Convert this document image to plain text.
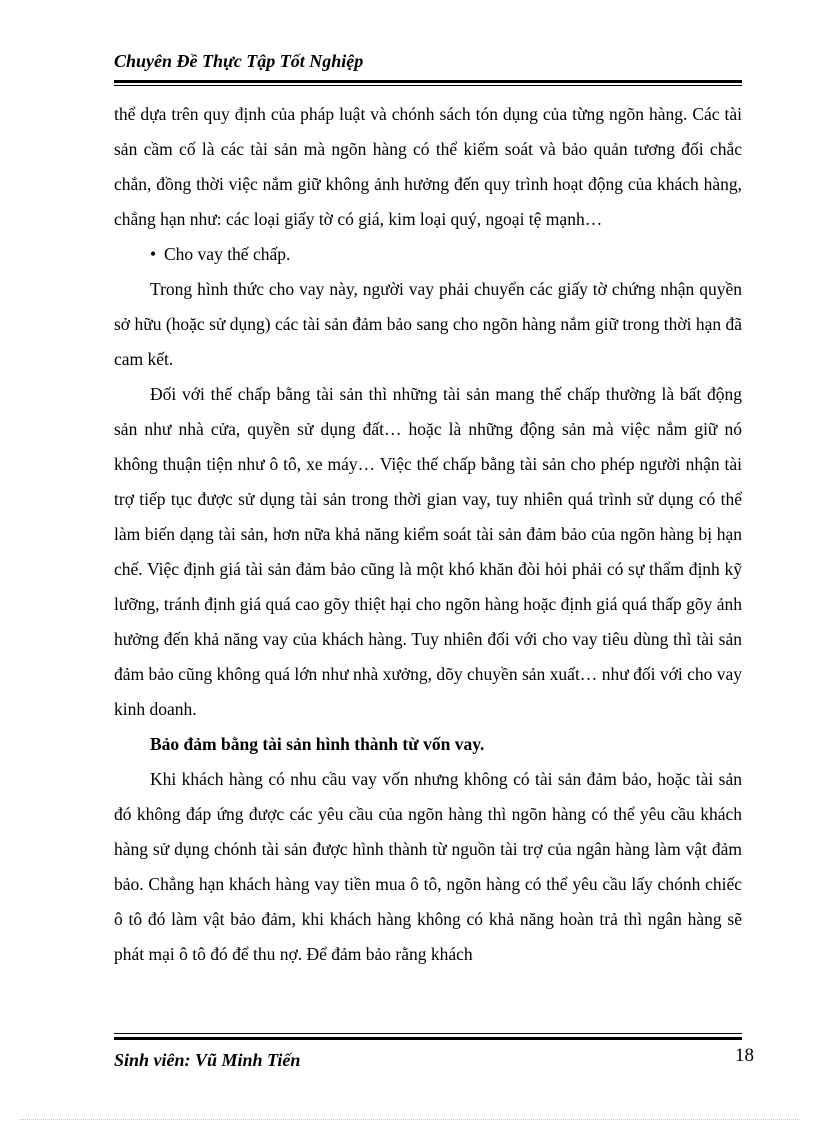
Chuyên Đề Thực Tập Tốt Nghiệp

thể dựa trên quy định của pháp luật và chónh sách tón dụng của từng ngõn hàng. Các tài sản cầm cố là các tài sản mà ngõn hàng có thể kiểm soát và bảo quản tương đối chắc chắn, đồng thời việc nắm giữ không ảnh hưởng đến quy trình hoạt động của khách hàng, chẳng hạn như: các loại giấy tờ có giá, kim loại quý, ngoại tệ mạnh…

• Cho vay thế chấp.

Trong hình thức cho vay này, người vay phải chuyển các giấy tờ chứng nhận quyền sở hữu (hoặc sử dụng) các tài sản đảm bảo sang cho ngõn hàng nắm giữ trong thời hạn đã cam kết.

Đối với thế chấp bằng tài sản thì những tài sản mang thế chấp thường là bất động sản như nhà cửa, quyền sử dụng đất… hoặc là những động sản mà việc nắm giữ nó không thuận tiện như ô tô, xe máy… Việc thế chấp bằng tài sản cho phép người nhận tài trợ tiếp tục được sử dụng tài sản trong thời gian vay, tuy nhiên quá trình sử dụng có thể làm biến dạng tài sản, hơn nữa khả năng kiểm soát tài sản đảm bảo của ngõn hàng bị hạn chế. Việc định giá tài sản đảm bảo cũng là một khó khăn đòi hỏi phải có sự thẩm định kỹ lưỡng, tránh định giá quá cao gõy thiệt hại cho ngõn hàng hoặc định giá quá thấp gõy ảnh hưởng đến khả năng vay của khách hàng. Tuy nhiên đối với cho vay tiêu dùng thì tài sản đảm bảo cũng không quá lớn như nhà xưởng, dõy chuyền sản xuất… như đối với cho vay kinh doanh.

Bảo đảm bằng tài sản hình thành từ vốn vay.

Khi khách hàng có nhu cầu vay vốn nhưng không có tài sản đảm bảo, hoặc tài sản đó không đáp ứng được các yêu cầu của ngõn hàng thì ngõn hàng có thể yêu cầu khách hàng sử dụng chónh tài sản được hình thành từ nguồn tài trợ của ngân hàng làm vật đảm bảo. Chẳng hạn khách hàng vay tiền mua ô tô, ngõn hàng có thể yêu cầu lấy chónh chiếc ô tô đó làm vật bảo đảm, khi khách hàng không có khả năng hoàn trả thì ngân hàng sẽ phát mại ô tô đó để thu nợ. Để đảm bảo rằng khách

Sinh viên: Vũ Minh Tiến	18
